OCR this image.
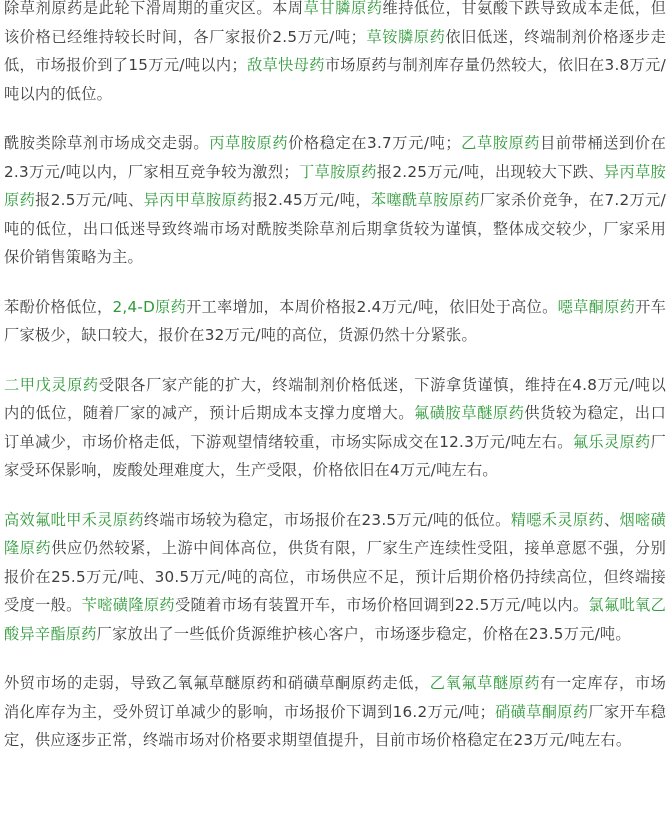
除草剂原药是此轮下滑周期的重灾区。本周草甘膦原药维持低位，甘氨酸下跌导致成本走低，但该价格已经维持较长时间，各厂家报价2.5万元/吨；草铵膦原药依旧低迷，终端制剂价格逐步走低，市场报价到了15万元/吨以内；敌草快母药市场原药与制剂库存量仍然较大，依旧在3.8万元/吨以内的低位。

酰胺类除草剂市场成交走弱。丙草胺原药价格稳定在3.7万元/吨；乙草胺原药目前带桶送到价在2.3万元/吨以内，厂家相互竞争较为激烈；丁草胺原药报2.25万元/吨，出现较大下跌、异丙草胺原药报2.5万元/吨、异丙甲草胺原药报2.45万元/吨，苯噻酰草胺原药厂家杀价竞争，在7.2万元/吨的低位，出口低迷导致终端市场对酰胺类除草剂后期拿货较为谨慎，整体成交较少，厂家采用保价销售策略为主。

苯酚价格低位，2,4-D原药开工率增加，本周价格报2.4万元/吨，依旧处于高位。噁草酮原药开车厂家极少，缺口较大，报价在32万元/吨的高位，货源仍然十分紧张。

二甲戊灵原药受限各厂家产能的扩大，终端制剂价格低迷，下游拿货谨慎，维持在4.8万元/吨以内的低位，随着厂家的减产，预计后期成本支撑力度增大。氟磺胺草醚原药供货较为稳定，出口订单减少，市场价格走低，下游观望情绪较重，市场实际成交在12.3万元/吨左右。氟乐灵原药厂家受环保影响，废酸处理难度大，生产受限，价格依旧在4万元/吨左右。

高效氟吡甲禾灵原药终端市场较为稳定，市场报价在23.5万元/吨的低位。精噁禾灵原药、烟嘧磺隆原药供应仍然较紧，上游中间体高位，供货有限，厂家生产连续性受阻，接单意愿不强，分别报价在25.5万元/吨、30.5万元/吨的高位，市场供应不足，预计后期价格仍持续高位，但终端接受度一般。苄嘧磺隆原药受随着市场有装置开车，市场价格回调到22.5万元/吨以内。氯氟吡氧乙酸异辛酯原药厂家放出了一些低价货源维护核心客户，市场逐步稳定，价格在23.5万元/吨。

外贸市场的走弱，导致乙氧氟草醚原药和硝磺草酮原药走低，乙氧氟草醚原药有一定库存，市场消化库存为主，受外贸订单减少的影响，市场报价下调到16.2万元/吨；硝磺草酮原药厂家开车稳定，供应逐步正常，终端市场对价格要求期望值提升，目前市场价格稳定在23万元/吨左右。
